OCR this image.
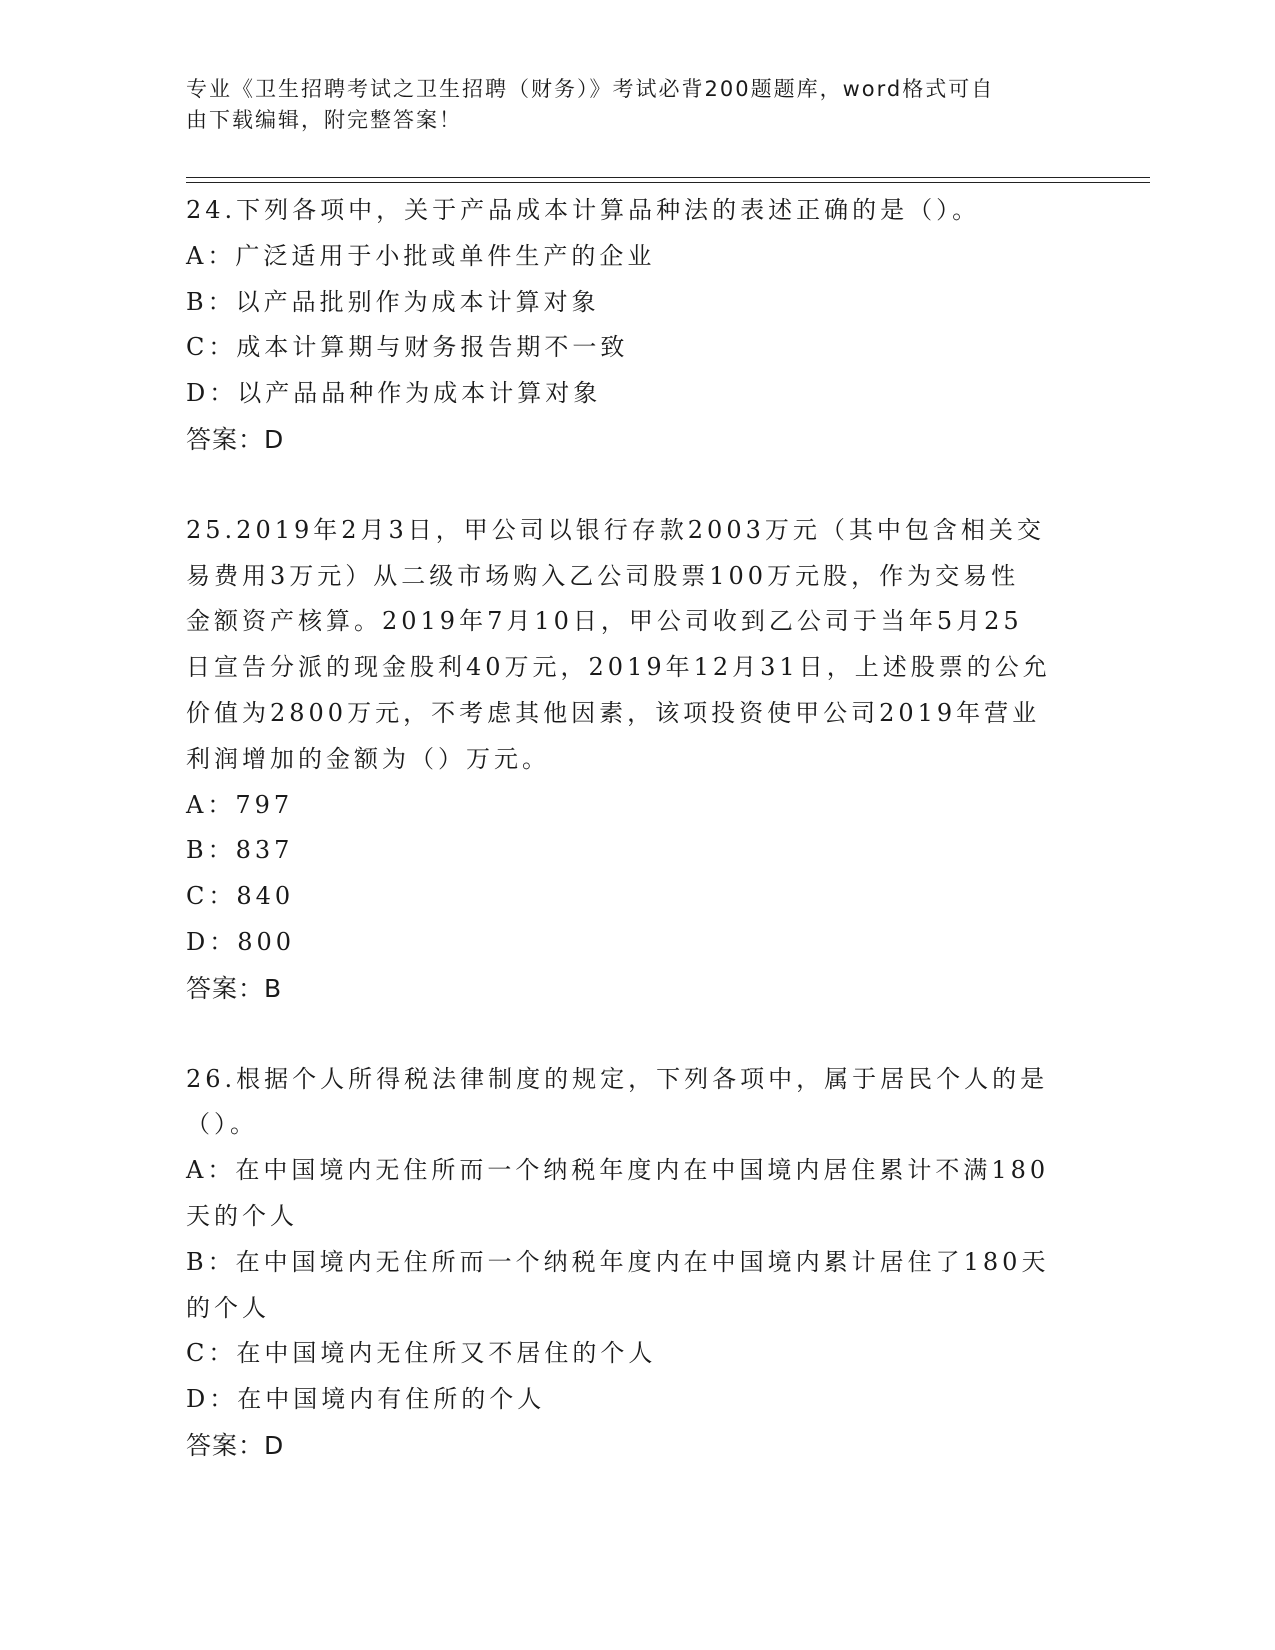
专业《卫生招聘考试之卫生招聘（财务）》考试必背200题题库，word格式可自
由下载编辑，附完整答案！
24.下列各项中，关于产品成本计算品种法的表述正确的是（）。
A：广泛适用于小批或单件生产的企业
B：以产品批别作为成本计算对象
C：成本计算期与财务报告期不一致
D：以产品品种作为成本计算对象
答案：D
25.2019年2月3日，甲公司以银行存款2003万元（其中包含相关交
易费用3万元）从二级市场购入乙公司股票100万元股，作为交易性
金额资产核算。2019年7月10日，甲公司收到乙公司于当年5月25
日宣告分派的现金股利40万元，2019年12月31日，上述股票的公允
价值为2800万元，不考虑其他因素，该项投资使甲公司2019年营业
利润增加的金额为（）万元。
A：797
B：837
C：840
D：800
答案：B
26.根据个人所得税法律制度的规定，下列各项中，属于居民个人的是
（）。
A：在中国境内无住所而一个纳税年度内在中国境内居住累计不满180
天的个人
B：在中国境内无住所而一个纳税年度内在中国境内累计居住了180天
的个人
C：在中国境内无住所又不居住的个人
D：在中国境内有住所的个人
答案：D
